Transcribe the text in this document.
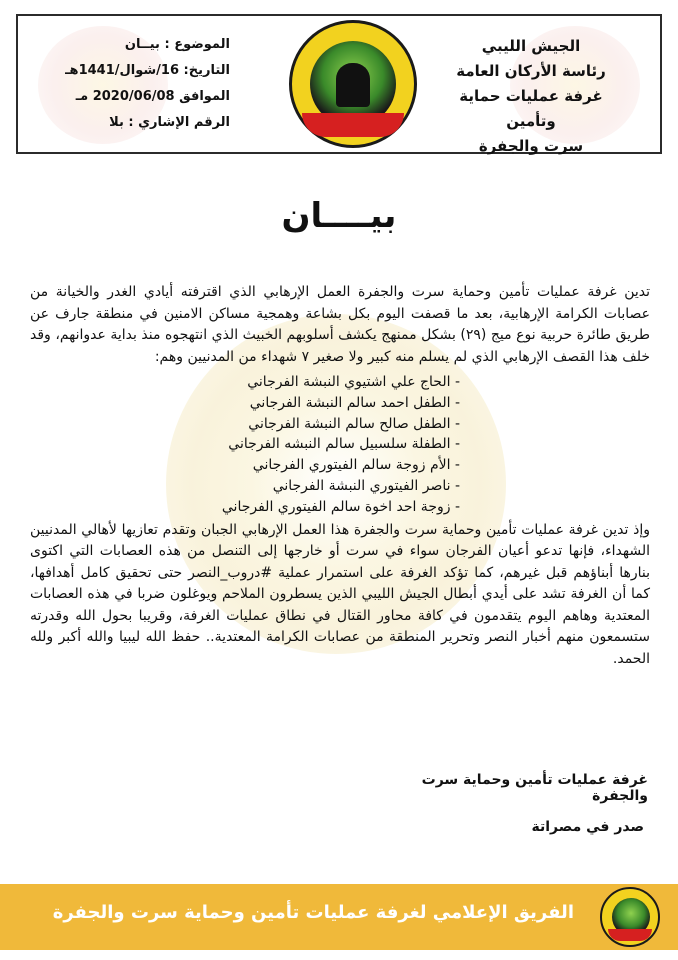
الجيش الليبي
رئاسة الأركان العامة
غرفة عمليات حماية وتأمين
سرت والجفرة
الموضوع : بيــان
التاريخ: 16/شوال/1441هـ
الموافق 2020/06/08 مـ
الرقم الإشاري : بلا
بيــــان

تدين غرفة عمليات تأمين وحماية سرت والجفرة العمل الإرهابي الذي اقترفته أيادي الغدر والخيانة من عصابات الكرامة الإرهابية، بعد ما قصفت اليوم بكل بشاعة وهمجية مساكن الامنين في منطقة جارف عن طريق طائرة حربية نوع ميج (٢٩) بشكل ممنهج يكشف أسلوبهم الخبيث الذي انتهجوه منذ بداية عدوانهم، وقد خلف هذا القصف الإرهابي الذي لم يسلم منه كبير ولا صغير ٧ شهداء من المدنيين وهم:

- الحاج علي اشتيوي النبشة الفرجاني
- الطفل احمد سالم النبشة الفرجاني
- الطفل صالح سالم النبشة الفرجاني
- الطفلة سلسبيل سالم النبشه الفرجاني
- الأم زوجة سالم الفيتوري الفرجاني
- ناصر الفيتوري النبشة الفرجاني
- زوجة احد اخوة سالم الفيتوري الفرجاني

وإذ تدين غرفة عمليات تأمين وحماية سرت والجفرة هذا العمل الإرهابي الجبان وتقدم تعازيها لأهالي المدنيين الشهداء، فإنها تدعو أعيان الفرجان سواء في سرت أو خارجها إلى التنصل من هذه العصابات التي اكتوى بنارها أبناؤهم قبل غيرهم، كما تؤكد الغرفة على استمرار عملية #دروب_النصر حتى تحقيق كامل أهدافها، كما أن الغرفة تشد على أيدي أبطال الجيش الليبي الذين يسطرون الملاحم ويوغلون ضربا في هذه العصابات المعتدية وهاهم اليوم يتقدمون في كافة محاور القتال في نطاق عمليات الغرفة، وقريبا بحول الله وقدرته ستسمعون منهم أخبار النصر وتحرير المنطقة من عصابات الكرامة المعتدية.. حفظ الله ليبيا والله أكبر ولله الحمد.

غرفة عمليات تأمين وحماية سرت والجفرة
صدر في مصراتة
الفريق الإعلامي لغرفة عمليات تأمين وحماية سرت والجفرة
